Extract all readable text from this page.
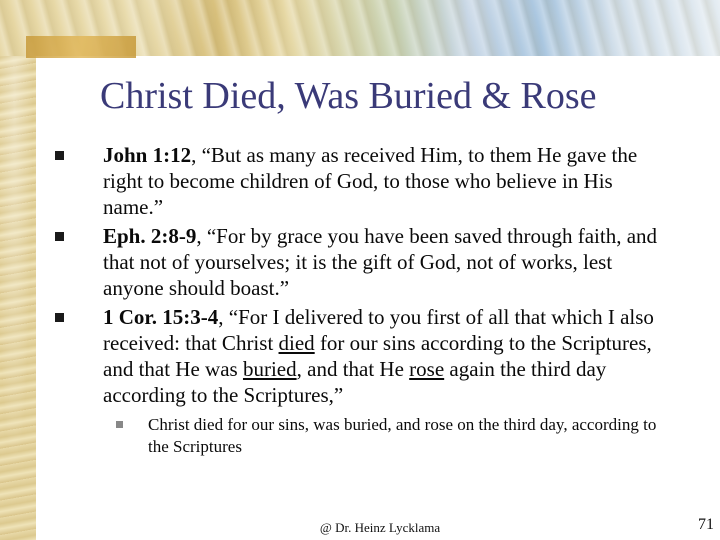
Christ Died, Was Buried & Rose
John 1:12, “But as many as received Him, to them He gave the right to become children of God, to those who believe in His name.”
Eph. 2:8-9, “For by grace you have been saved through faith, and that not of yourselves; it is the gift of God, not of works, lest anyone should boast.”
1 Cor. 15:3-4, “For I delivered to you first of all that which I also received: that Christ died for our sins according to the Scriptures, and that He was buried, and that He rose again the third day according to the Scriptures,”
Christ died for our sins, was buried, and rose on the third day, according to the Scriptures
@ Dr. Heinz Lycklama	71
